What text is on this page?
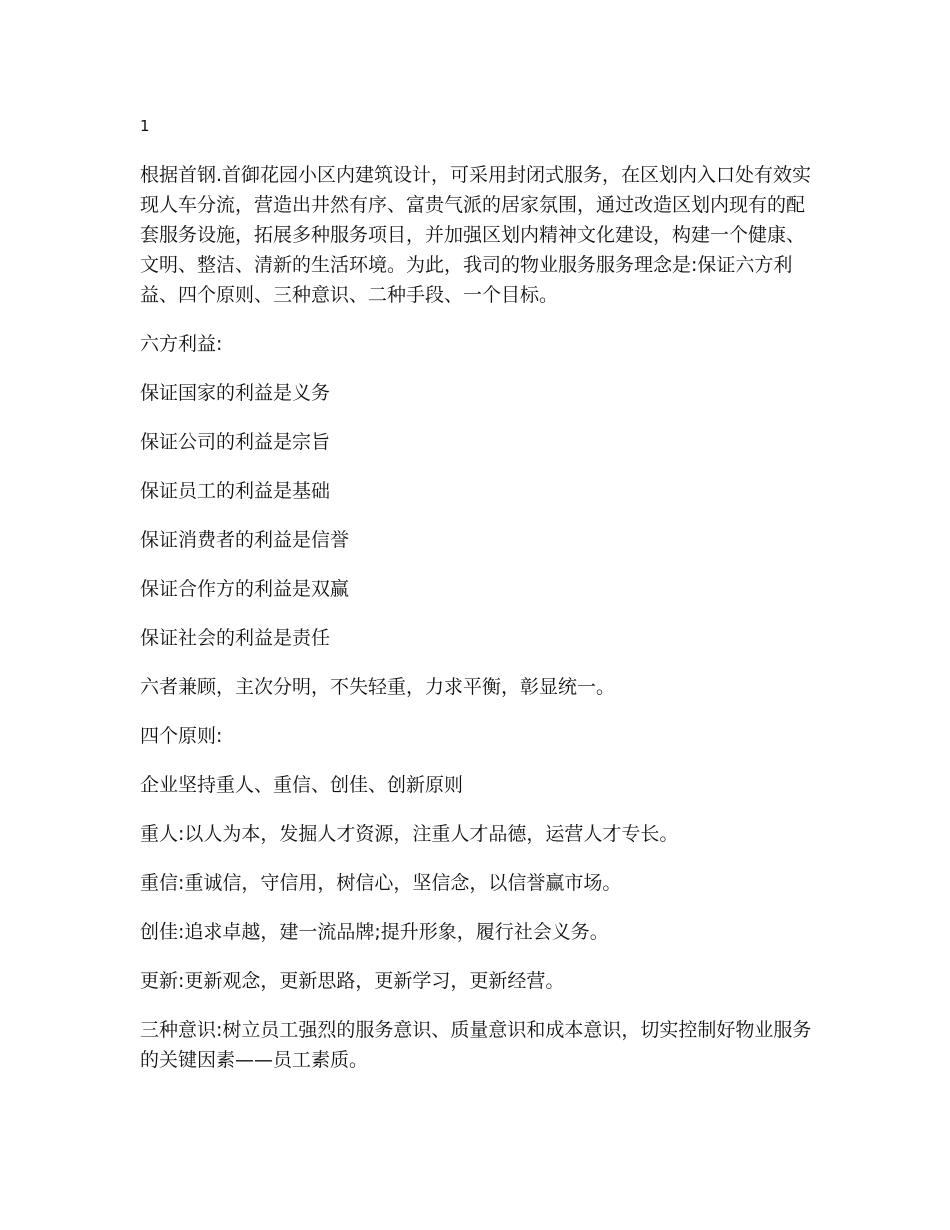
1

根据首钢.首御花园小区内建筑设计，可采用封闭式服务，在区划内入口处有效实现人车分流，营造出井然有序、富贵气派的居家氛围，通过改造区划内现有的配套服务设施，拓展多种服务项目，并加强区划内精神文化建设，构建一个健康、文明、整洁、清新的生活环境。为此，我司的物业服务服务理念是:保证六方利益、四个原则、三种意识、二种手段、一个目标。

六方利益:

保证国家的利益是义务

保证公司的利益是宗旨

保证员工的利益是基础

保证消费者的利益是信誉

保证合作方的利益是双赢

保证社会的利益是责任

六者兼顾，主次分明，不失轻重，力求平衡，彰显统一。

四个原则:

企业坚持重人、重信、创佳、创新原则

重人:以人为本，发掘人才资源，注重人才品德，运营人才专长。

重信:重诚信，守信用，树信心，坚信念，以信誉赢市场。

创佳:追求卓越，建一流品牌;提升形象，履行社会义务。

更新:更新观念，更新思路，更新学习，更新经营。

三种意识:树立员工强烈的服务意识、质量意识和成本意识，切实控制好物业服务的关键因素——员工素质。
